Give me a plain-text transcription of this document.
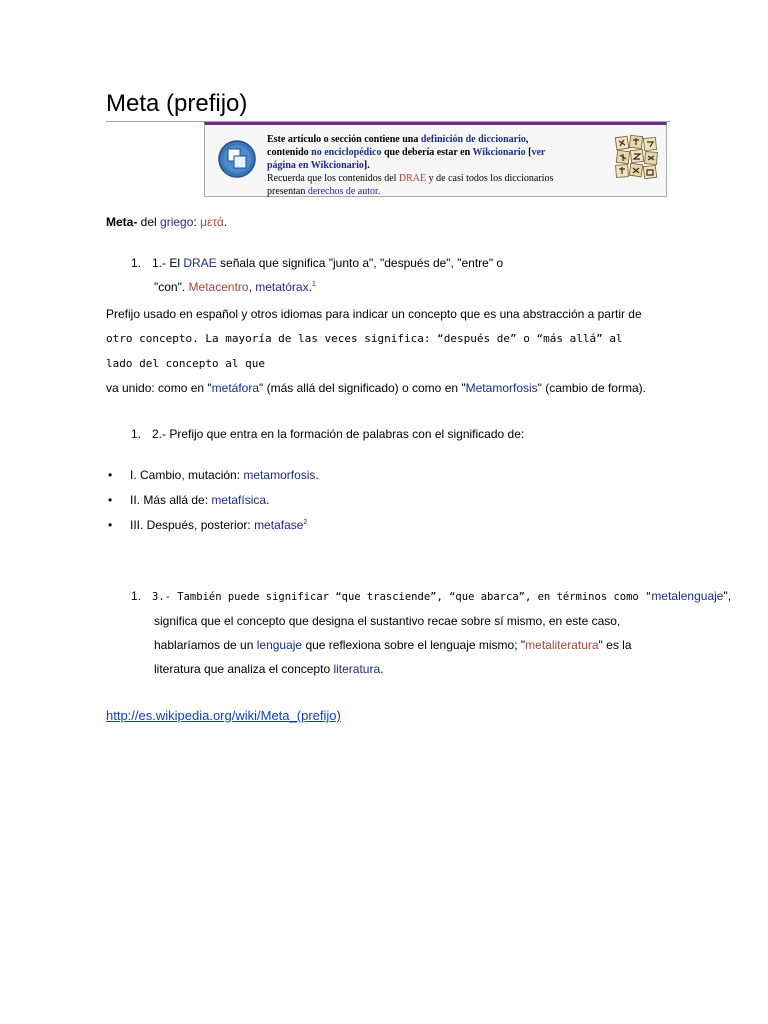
Meta (prefijo)
Este artículo o sección contiene una definición de diccionario,
contenido no enciclopédico que debería estar en Wikcionario [ver
página en Wikcionario].
Recuerda que los contenidos del DRAE y de casi todos los diccionarios
presentan derechos de autor.

Meta- del griego: μετά.

1. 1.- El DRAE señala que significa "junto a", "después de", "entre" o
"con". Metacentro, metatórax.$^1$
Prefijo usado en español y otros idiomas para indicar un concepto que es una abstracción a partir de
otro concepto. La mayoría de las veces significa: “después de” o “más allá” al lado del concepto al que
va unido: como en "metáfora" (más allá del significado) o como en "Metamorfosis" (cambio de forma).
1. 2.- Prefijo que entra en la formación de palabras con el significado de:
• I. Cambio, mutación: metamorfosis.
• II. Más allá de: metafísica.
• III. Después, posterior: metafase$^2$
1. 3.- También puede significar “que trasciende”, “que abarca”, en términos como "metalenguaje",
significa que el concepto que designa el sustantivo recae sobre sí mismo, en este caso,
hablaríamos de un lenguaje que reflexiona sobre el lenguaje mismo; "metaliteratura" es la
literatura que analiza el concepto literatura.
http://es.wikipedia.org/wiki/Meta_(prefijo)
